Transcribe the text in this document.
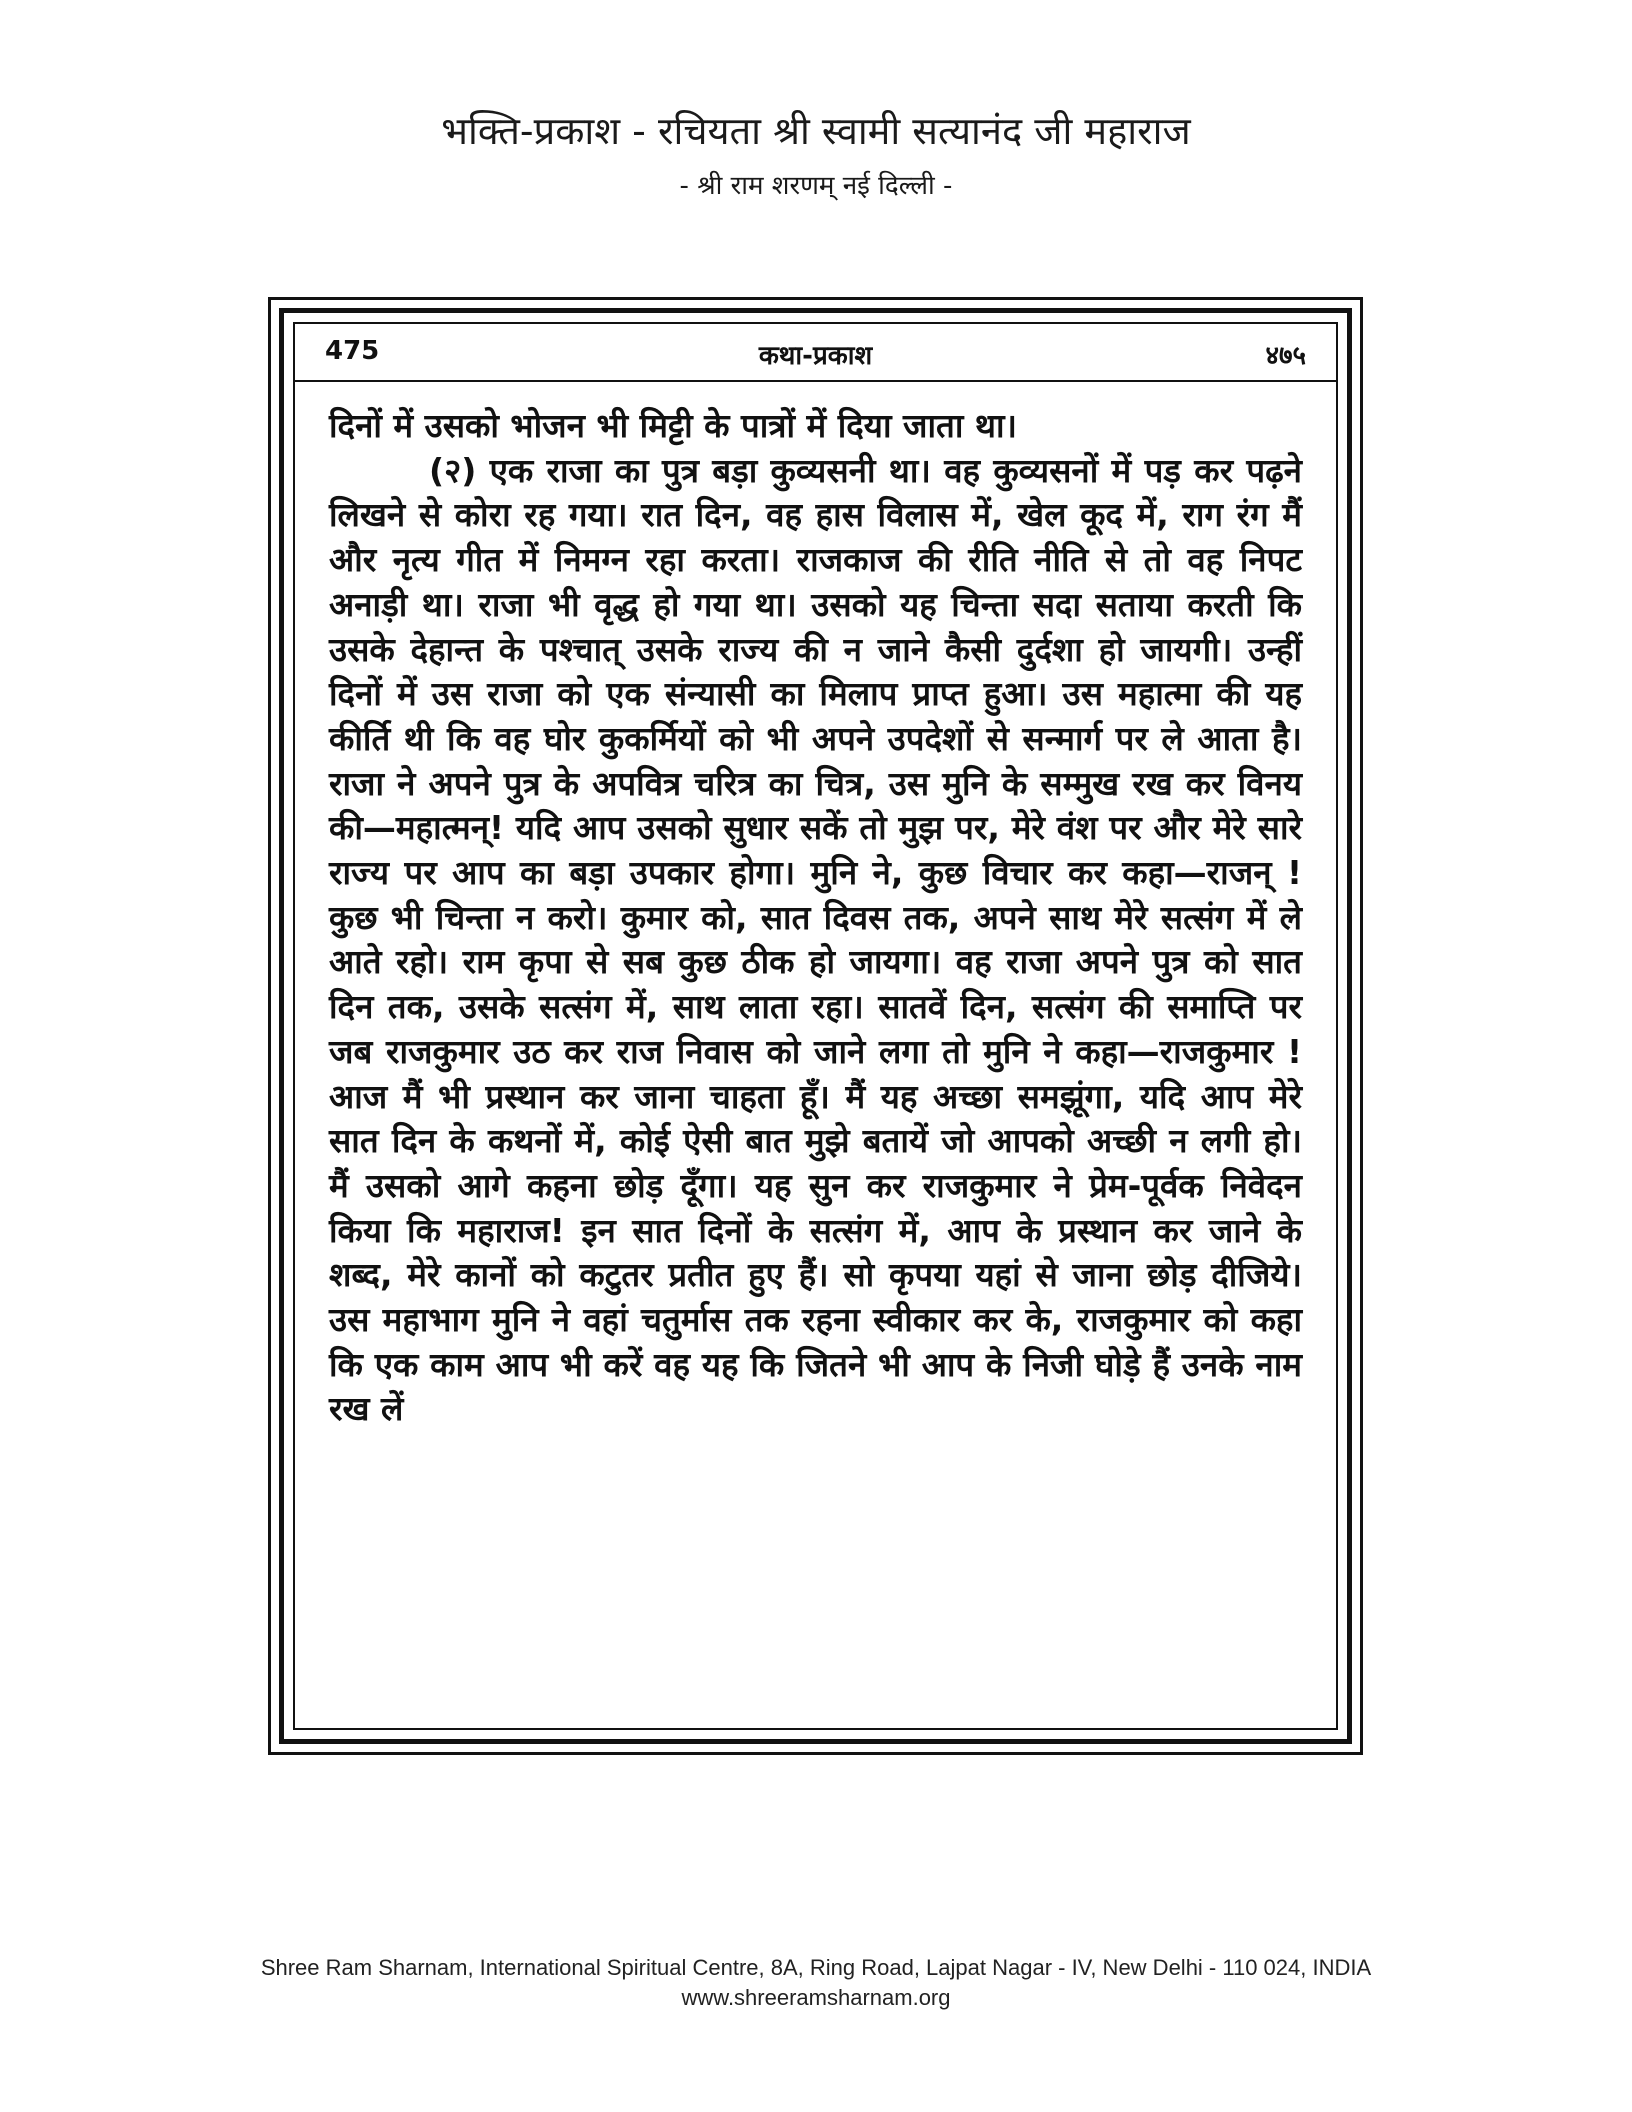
भक्ति-प्रकाश - रचियता श्री स्वामी सत्यानंद जी महाराज
- श्री राम शरणम् नई दिल्ली -
475	कथा-प्रकाश	४७५

दिनों में उसको भोजन भी मिट्टी के पात्रों में दिया जाता था।

(२) एक राजा का पुत्र बड़ा कुव्यसनी था। वह कुव्यसनों में पड़ कर पढ़ने लिखने से कोरा रह गया। रात दिन, वह हास विलास में, खेल कूद में, राग रंग मैं और नृत्य गीत में निमग्न रहा करता। राजकाज की रीति नीति से तो वह निपट अनाड़ी था। राजा भी वृद्ध हो गया था। उसको यह चिन्ता सदा सताया करती कि उसके देहान्त के पश्चात् उसके राज्य की न जाने कैसी दुर्दशा हो जायगी। उन्हीं दिनों में उस राजा को एक संन्यासी का मिलाप प्राप्त हुआ। उस महात्मा की यह कीर्ति थी कि वह घोर कुकर्मियों को भी अपने उपदेशों से सन्मार्ग पर ले आता है। राजा ने अपने पुत्र के अपवित्र चरित्र का चित्र, उस मुनि के सम्मुख रख कर विनय की—महात्मन्! यदि आप उसको सुधार सकें तो मुझ पर, मेरे वंश पर और मेरे सारे राज्य पर आप का बड़ा उपकार होगा। मुनि ने, कुछ विचार कर कहा—राजन् ! कुछ भी चिन्ता न करो। कुमार को, सात दिवस तक, अपने साथ मेरे सत्संग में ले आते रहो। राम कृपा से सब कुछ ठीक हो जायगा। वह राजा अपने पुत्र को सात दिन तक, उसके सत्संग में, साथ लाता रहा। सातवें दिन, सत्संग की समाप्ति पर जब राजकुमार उठ कर राज निवास को जाने लगा तो मुनि ने कहा—राजकुमार ! आज मैं भी प्रस्थान कर जाना चाहता हूँ। मैं यह अच्छा समझूंगा, यदि आप मेरे सात दिन के कथनों में, कोई ऐसी बात मुझे बतायें जो आपको अच्छी न लगी हो। मैं उसको आगे कहना छोड़ दूँगा। यह सुन कर राजकुमार ने प्रेम-पूर्वक निवेदन किया कि महाराज! इन सात दिनों के सत्संग में, आप के प्रस्थान कर जाने के शब्द, मेरे कानों को कटुतर प्रतीत हुए हैं। सो कृपया यहां से जाना छोड़ दीजिये। उस महाभाग मुनि ने वहां चतुर्मास तक रहना स्वीकार कर के, राजकुमार को कहा कि एक काम आप भी करें वह यह कि जितने भी आप के निजी घोड़े हैं उनके नाम रख लें

Shree Ram Sharnam, International Spiritual Centre, 8A, Ring Road, Lajpat Nagar - IV, New Delhi - 110 024, INDIA
www.shreeramsharnam.org
